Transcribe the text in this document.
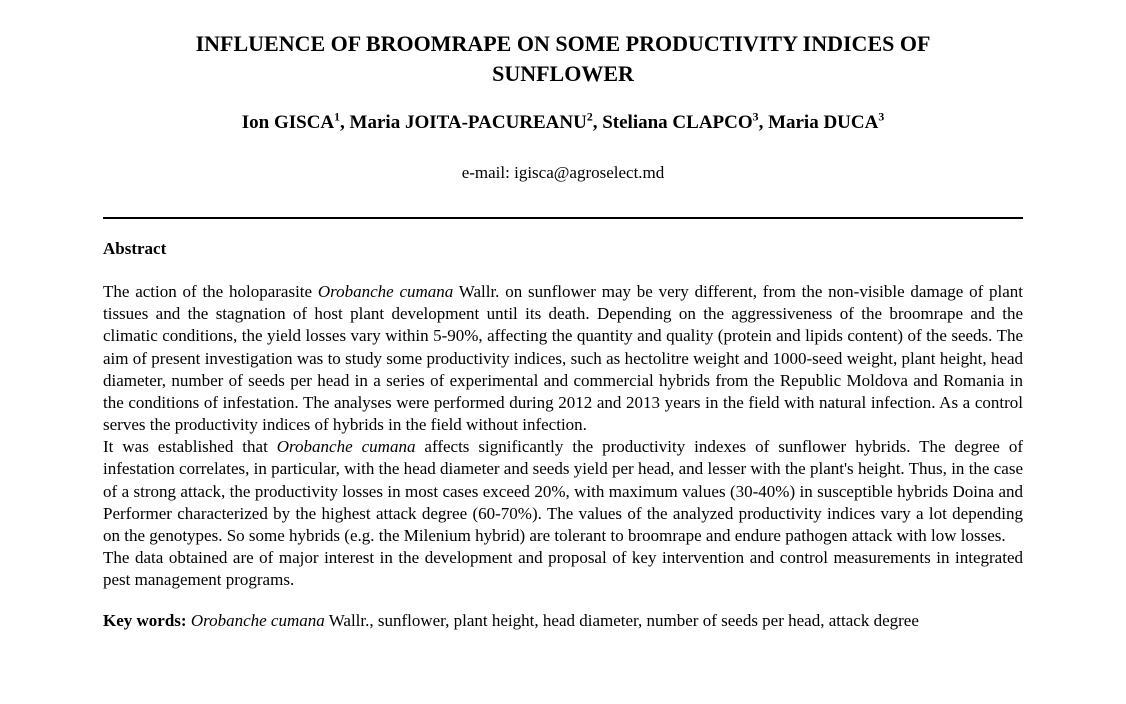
INFLUENCE OF BROOMRAPE ON SOME PRODUCTIVITY INDICES OF
SUNFLOWER
Ion GISCA$^1$, Maria JOITA-PACUREANU$^2$, Steliana CLAPCO$^3$, Maria DUCA$^3$
e-mail: igisca@agroselect.md
Abstract

The action of the holoparasite Orobanche cumana Wallr. on sunflower may be very different, from the non-visible damage of plant tissues and the stagnation of host plant development until its death. Depending on the aggressiveness of the broomrape and the climatic conditions, the yield losses vary within 5-90%, affecting the quantity and quality (protein and lipids content) of the seeds. The aim of present investigation was to study some productivity indices, such as hectolitre weight and 1000-seed weight, plant height, head diameter, number of seeds per head in a series of experimental and commercial hybrids from the Republic Moldova and Romania in the conditions of infestation. The analyses were performed during 2012 and 2013 years in the field with natural infection. As a control serves the productivity indices of hybrids in the field without infection.

It was established that Orobanche cumana affects significantly the productivity indexes of sunflower hybrids. The degree of infestation correlates, in particular, with the head diameter and seeds yield per head, and lesser with the plant's height. Thus, in the case of a strong attack, the productivity losses in most cases exceed 20%, with maximum values (30-40%) in susceptible hybrids Doina and Performer characterized by the highest attack degree (60-70%). The values of the analyzed productivity indices vary a lot depending on the genotypes. So some hybrids (e.g. the Milenium hybrid) are tolerant to broomrape and endure pathogen attack with low losses.

The data obtained are of major interest in the development and proposal of key intervention and control measurements in integrated pest management programs.

Key words: Orobanche cumana Wallr., sunflower, plant height, head diameter, number of seeds per head, attack degree
